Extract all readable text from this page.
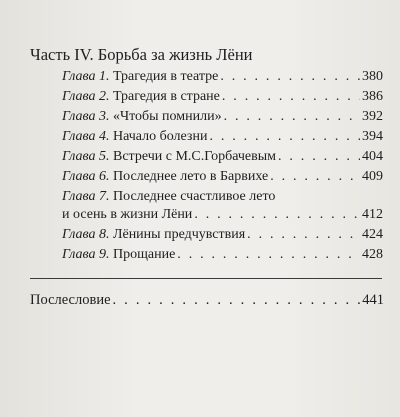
Часть IV. Борьба за жизнь Лёни
Глава 1. Трагедия в театре . . .	380
Глава 2. Трагедия в стране . . .	386
Глава 3. «Чтобы помнили» . . .	392
Глава 4. Начало болезни . . .	394
Глава 5. Встречи с М.С.Горбачевым . . .	404
Глава 6. Последнее лето в Барвихе . . .	409
Глава 7. Последнее счастливое лето
и осень в жизни Лёни . . .	412
Глава 8. Лёнины предчувствия . . .	424
Глава 9. Прощание . . .	428
Послесловие . . .	441
